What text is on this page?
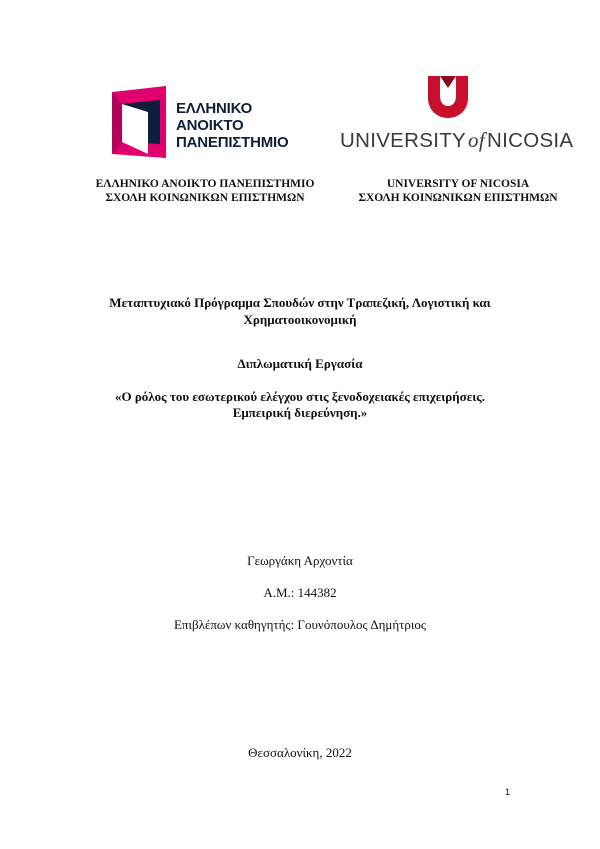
ΕΛΛΗΝΙΚΟ
ΑΝΟΙΚΤΟ
ΠΑΝΕΠΙΣΤΗΜΙΟ	UNIVERSITY of NICOSIA
ΕΛΛΗΝΙΚΟ ΑΝΟΙΚΤΟ ΠΑΝΕΠΙΣΤΗΜΙΟ
ΣΧΟΛΗ ΚΟΙΝΩΝΙΚΩΝ ΕΠΙΣΤΗΜΩΝ
UNIVERSITY OF NICOSIA
ΣΧΟΛΗ ΚΟΙΝΩΝΙΚΩΝ ΕΠΙΣΤΗΜΩΝ
Μεταπτυχιακό Πρόγραμμα Σπουδών στην Τραπεζική, Λογιστική και
Χρηματοοικονομική
Διπλωματική Εργασία
«Ο ρόλος του εσωτερικού ελέγχου στις ξενοδοχειακές επιχειρήσεις.
Εμπειρική διερεύνηση.»
Γεωργάκη Αρχοντία
Α.Μ.: 144382
Επιβλέπων καθηγητής: Γουνόπουλος Δημήτριος
Θεσσαλονίκη, 2022
1
